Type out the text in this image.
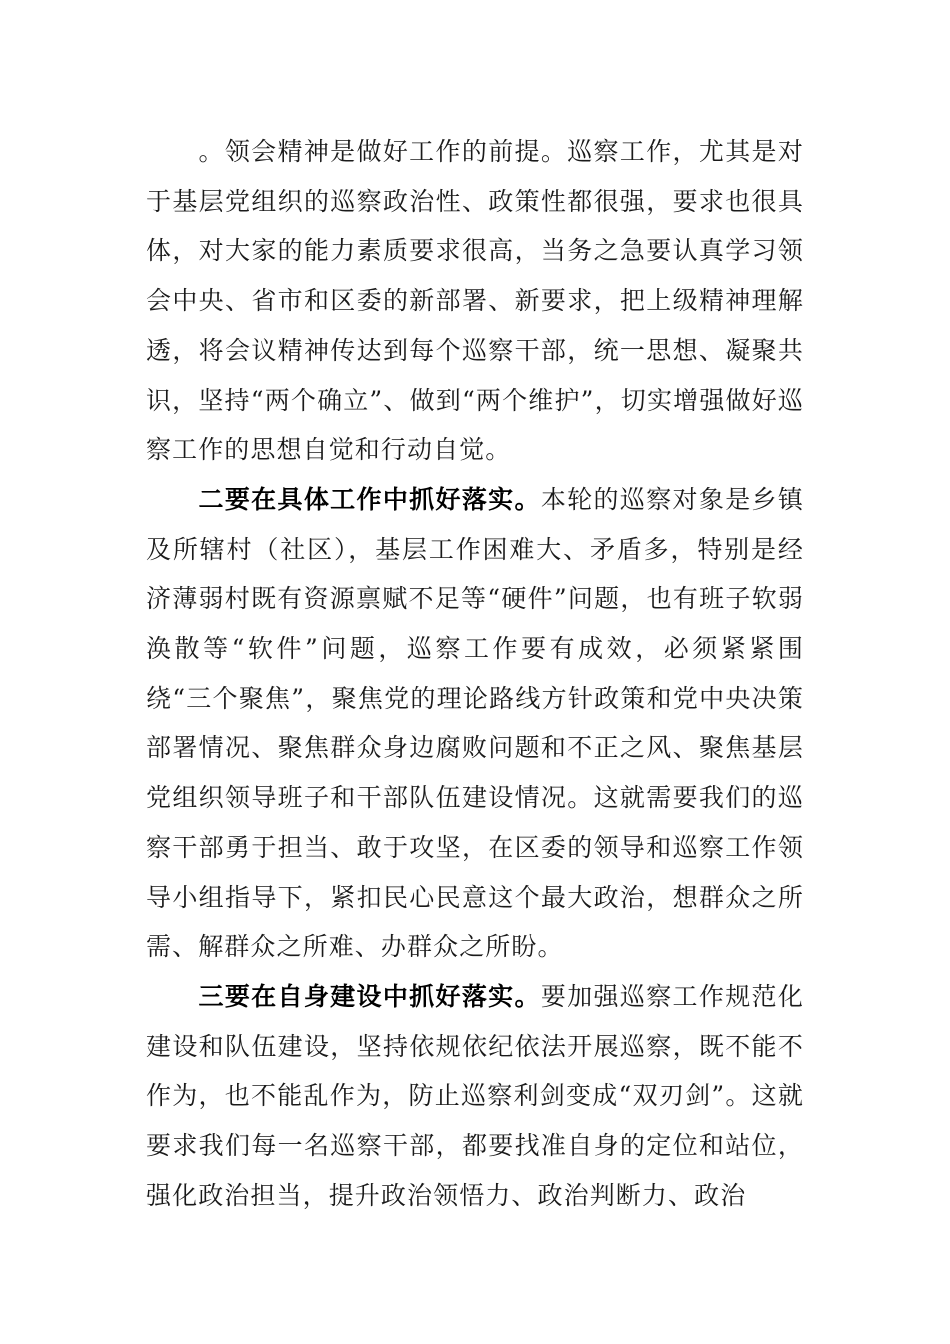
。领会精神是做好工作的前提。巡察工作，尤其是对于基层党组织的巡察政治性、政策性都很强，要求也很具体，对大家的能力素质要求很高，当务之急要认真学习领会中央、省市和区委的新部署、新要求，把上级精神理解透，将会议精神传达到每个巡察干部，统一思想、凝聚共识，坚持“两个确立”、做到“两个维护”，切实增强做好巡察工作的思想自觉和行动自觉。

二要在具体工作中抓好落实。本轮的巡察对象是乡镇及所辖村（社区），基层工作困难大、矛盾多，特别是经济薄弱村既有资源禀赋不足等“硬件”问题，也有班子软弱涣散等“软件”问题，巡察工作要有成效，必须紧紧围绕“三个聚焦”，聚焦党的理论路线方针政策和党中央决策部署情况、聚焦群众身边腐败问题和不正之风、聚焦基层党组织领导班子和干部队伍建设情况。这就需要我们的巡察干部勇于担当、敢于攻坚，在区委的领导和巡察工作领导小组指导下，紧扣民心民意这个最大政治，想群众之所需、解群众之所难、办群众之所盼。

三要在自身建设中抓好落实。要加强巡察工作规范化建设和队伍建设，坚持依规依纪依法开展巡察，既不能不作为，也不能乱作为，防止巡察利剑变成“双刃剑”。这就要求我们每一名巡察干部，都要找准自身的定位和站位，强化政治担当，提升政治领悟力、政治判断力、政治
